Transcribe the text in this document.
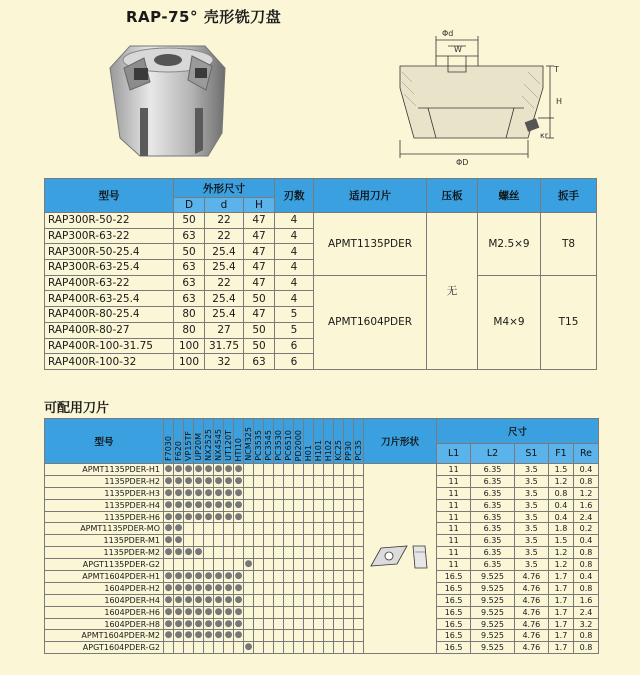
RAP-75° 壳形铣刀盘
Φd
W
T
H
ΦD
κr
型号	外形尺寸			刃数	适用刀片	压板	螺丝	扳手
	D	d	H					
RAP300R-50-22	50	22	47	4	APMT1135PDER	无	M2.5×9	T8
RAP300R-63-22	63	22	47	4				
RAP300R-50-25.4	50	25.4	47	4				
RAP300R-63-25.4	63	25.4	47	4				
RAP400R-63-22	63	22	47	4	APMT1604PDER		M4×9	T15
RAP400R-63-25.4	63	25.4	50	4				
RAP400R-80-25.4	80	25.4	47	5				
RAP400R-80-27	80	27	50	5				
RAP400R-100-31.75	100	31.75	50	6				
RAP400R-100-32	100	32	63	6				
可配用刀片
型号	F7030	F620	VP15TF	UP20M	NX2525	NX4545	UT120T	HTI10	NCM325	PC3535	PC3545	PC3530	PC6510	PD2000	H01	H101	H102	KC25	PP30	PC35	刀片形状	尺寸				
																						L1	L2	S1	F1	Re
APMT1135PDER-H1	●	●	●	●	●	●	●	●														11	6.35	3.5	1.5	0.4
1135PDER-H2	●	●	●	●	●	●	●	●														11	6.35	3.5	1.2	0.8
1135PDER-H3	●	●	●	●	●	●	●	●														11	6.35	3.5	0.8	1.2
1135PDER-H4	●	●	●	●	●	●	●	●														11	6.35	3.5	0.4	1.6
1135PDER-H6	●	●	●	●	●	●	●	●														11	6.35	3.5	0.4	2.4
APMT1135PDER-MO	●	●																				11	6.35	3.5	1.8	0.2
1135PDER-M1	●	●																				11	6.35	3.5	1.5	0.4
1135PDER-M2	●	●	●	●																		11	6.35	3.5	1.2	0.8
APGT1135PDER-G2									●													11	6.35	3.5	1.2	0.8
APMT1604PDER-H1	●	●	●	●	●	●	●	●														16.5	9.525	4.76	1.7	0.4
1604PDER-H2	●	●	●	●	●	●	●	●														16.5	9.525	4.76	1.7	0.8
1604PDER-H4	●	●	●	●	●	●	●	●														16.5	9.525	4.76	1.7	1.6
1604PDER-H6	●	●	●	●	●	●	●	●														16.5	9.525	4.76	1.7	2.4
1604PDER-H8	●	●	●	●	●	●	●	●														16.5	9.525	4.76	1.7	3.2
APMT1604PDER-M2	●	●	●	●	●	●	●	●														16.5	9.525	4.76	1.7	0.8
APGT1604PDER-G2									●													16.5	9.525	4.76	1.7	0.8
